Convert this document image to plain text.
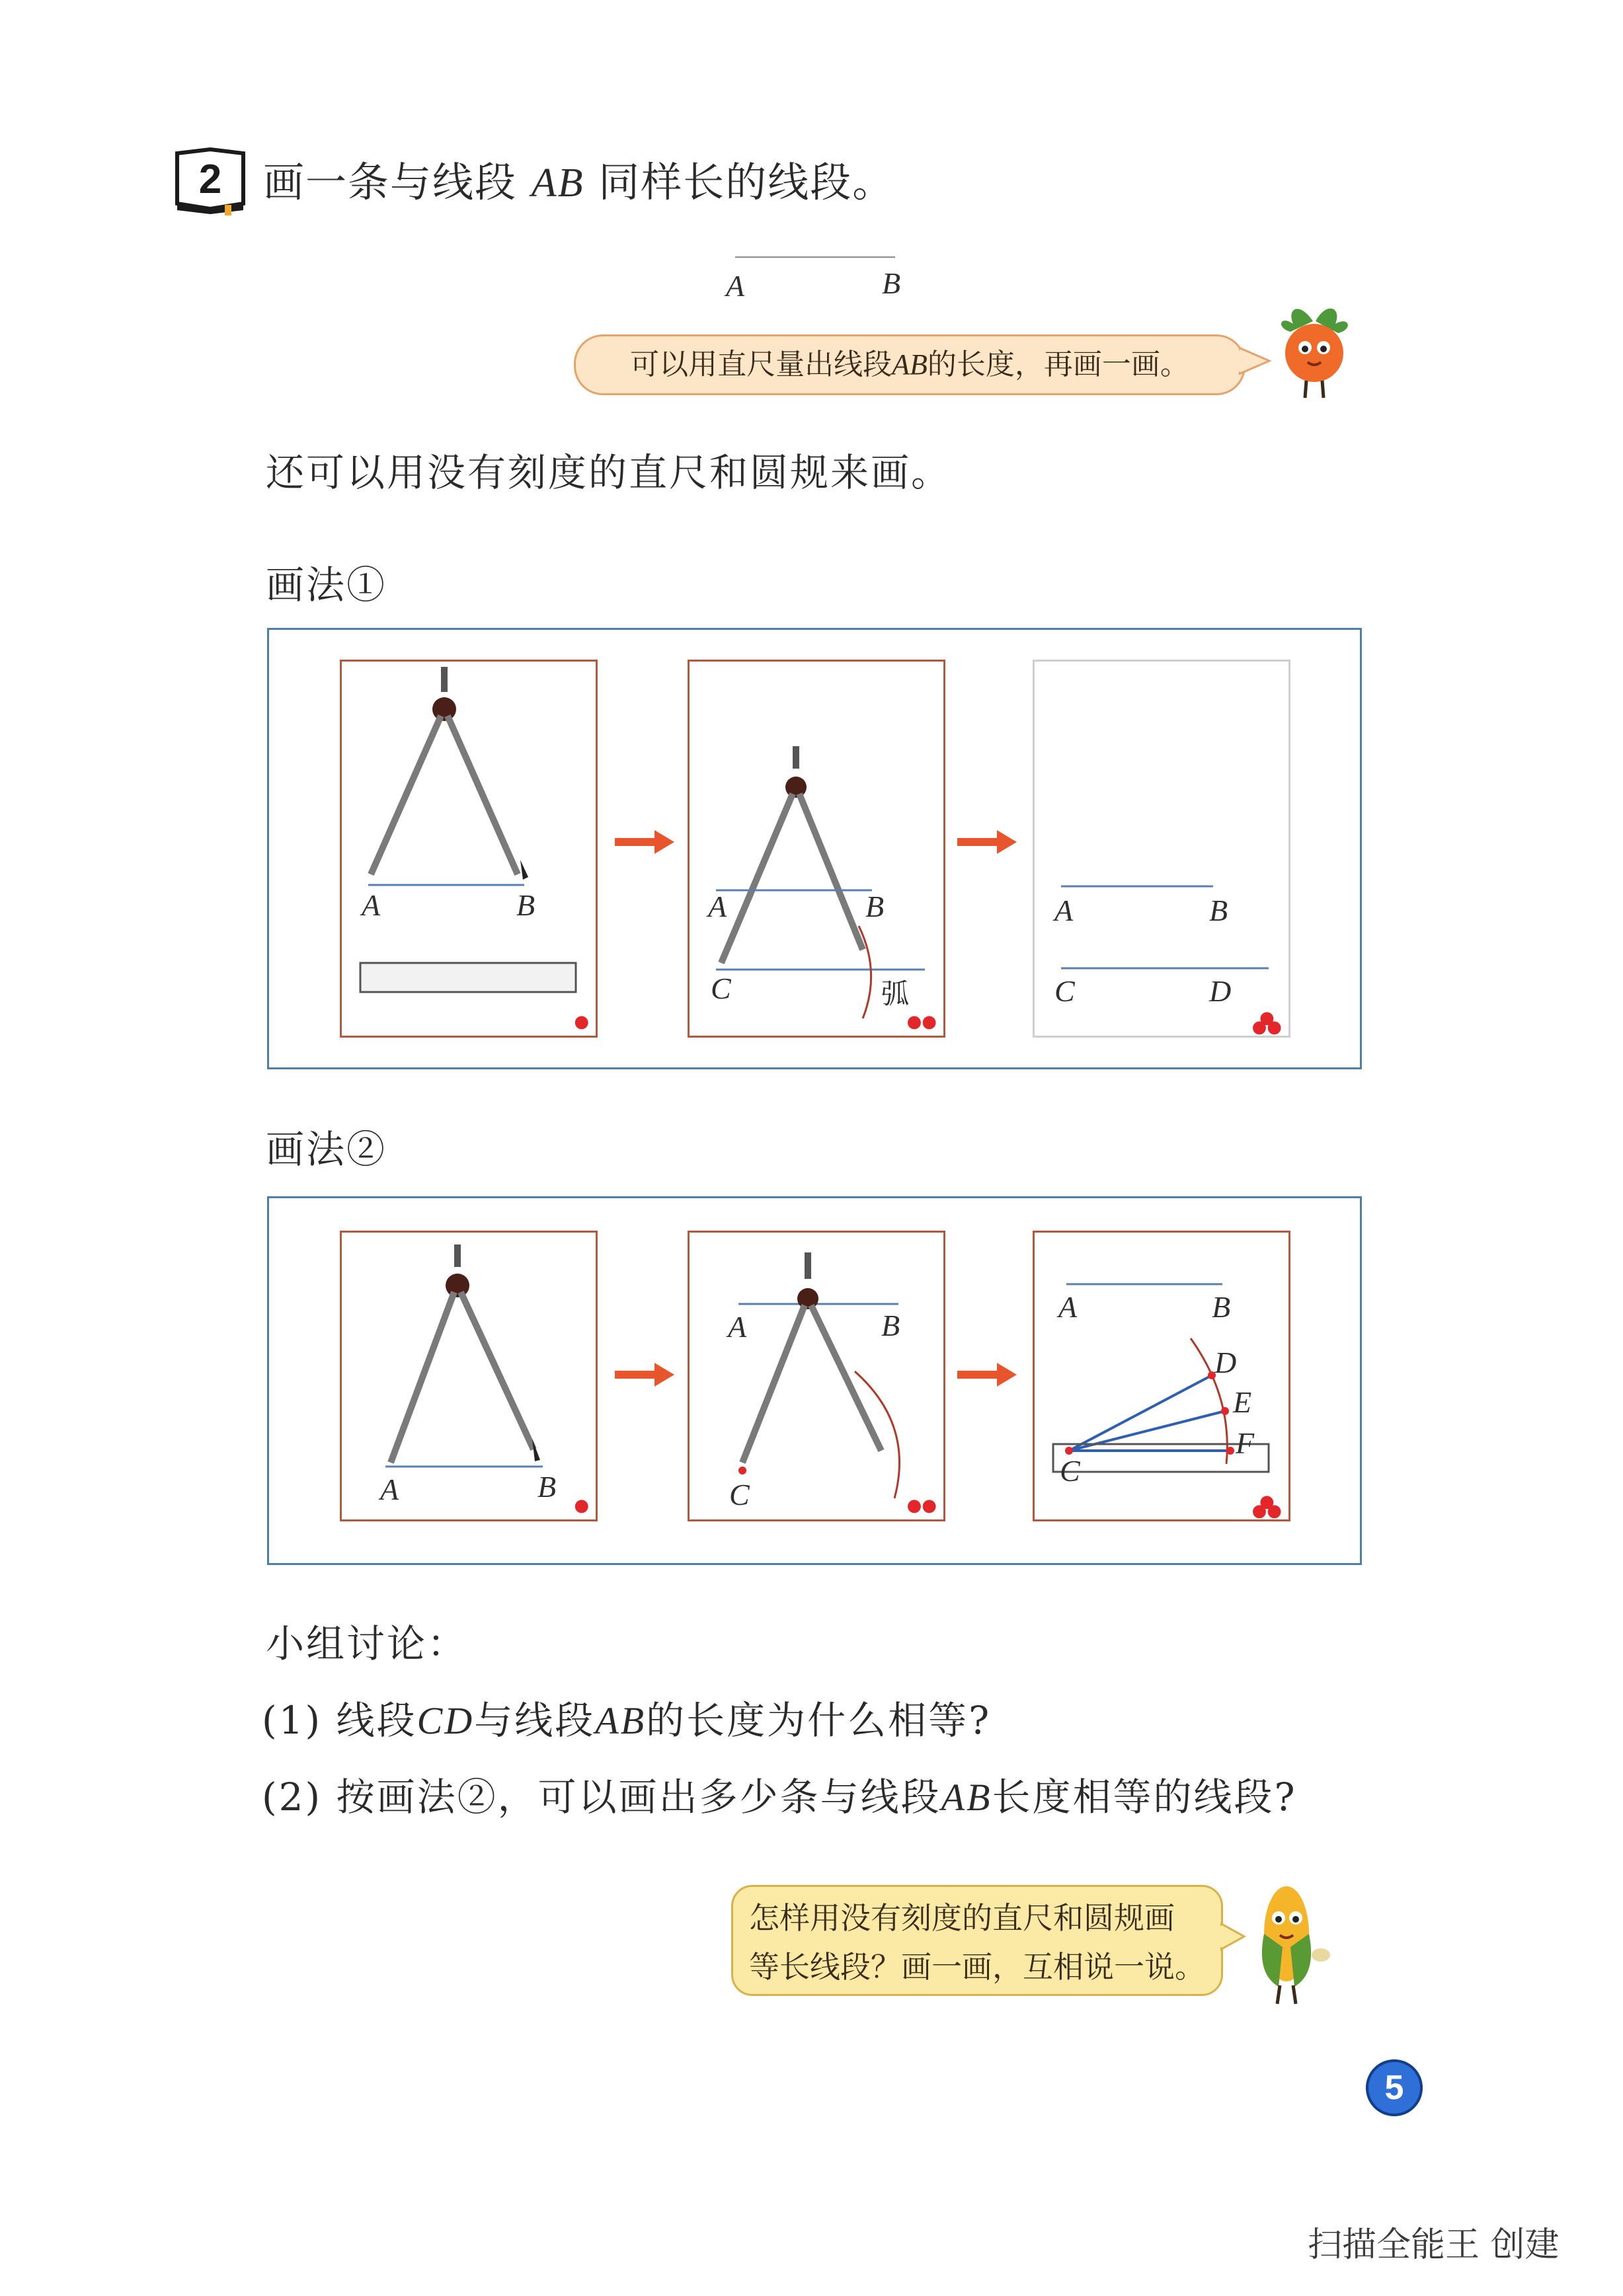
2 画一条与线段 AB 同样长的线段。
A	B
可以用直尺量出线段AB的长度，再画一画。
还可以用没有刻度的直尺和圆规来画。
画法①
A	B
●
A	B
C	弧
●●
A	B
C	D
●
●●
画法②
A	B
●
A	B
C	●●
A	B
C
D
E
F
●
●●
小组讨论：
(1) 线段CD与线段AB的长度为什么相等?
(2) 按画法②，可以画出多少条与线段AB长度相等的线段?
怎样用没有刻度的直尺和圆规画
等长线段？画一画，互相说一说。
5
扫描全能王 创建
